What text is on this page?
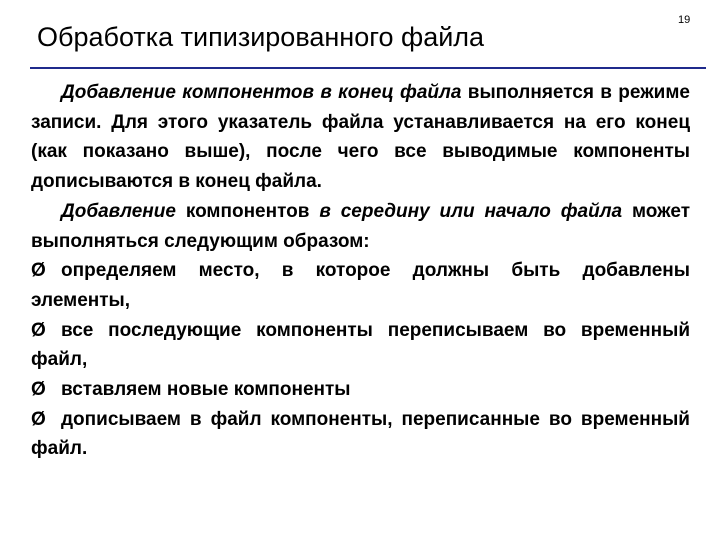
Обработка типизированного файла
19

Добавление компонентов в конец файла выполняется в режиме записи. Для этого указатель файла устанавливается на его конец (как показано выше), после чего все выводимые компоненты дописываются в конец файла.

Добавление компонентов в середину или начало файла может выполняться следующим образом:

Ø определяем место, в которое должны быть добавлены элементы,

Ø все последующие компоненты переписываем во временный файл,

Ø вставляем новые компоненты

Ø дописываем в файл компоненты, переписанные во временный файл.
